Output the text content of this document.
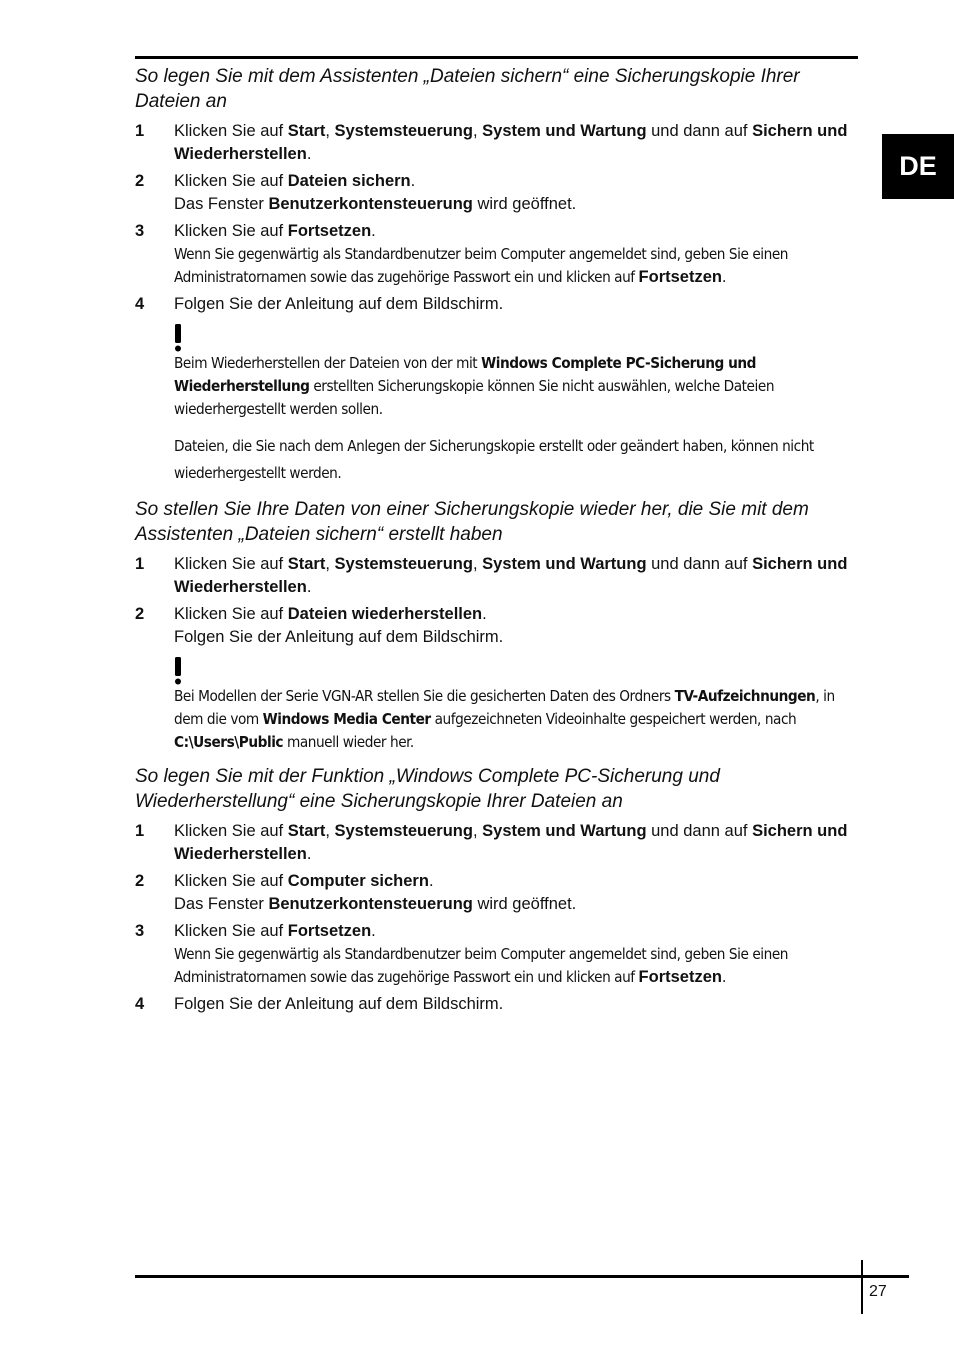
DE
So legen Sie mit dem Assistenten „Dateien sichern“ eine Sicherungskopie Ihrer Dateien an
1	Klicken Sie auf Start, Systemsteuerung, System und Wartung und dann auf Sichern und Wiederherstellen.
2	Klicken Sie auf Dateien sichern.
Das Fenster Benutzerkontensteuerung wird geöffnet.
3	Klicken Sie auf Fortsetzen.
Wenn Sie gegenwärtig als Standardbenutzer beim Computer angemeldet sind, geben Sie einen Administratornamen sowie das zugehörige Passwort ein und klicken auf Fortsetzen.
4	Folgen Sie der Anleitung auf dem Bildschirm.

Beim Wiederherstellen der Dateien von der mit Windows Complete PC-Sicherung und Wiederherstellung erstellten Sicherungskopie können Sie nicht auswählen, welche Dateien wiederhergestellt werden sollen.

Dateien, die Sie nach dem Anlegen der Sicherungskopie erstellt oder geändert haben, können nicht wiederhergestellt werden.

So stellen Sie Ihre Daten von einer Sicherungskopie wieder her, die Sie mit dem Assistenten „Dateien sichern“ erstellt haben
1	Klicken Sie auf Start, Systemsteuerung, System und Wartung und dann auf Sichern und Wiederherstellen.
2	Klicken Sie auf Dateien wiederherstellen.
Folgen Sie der Anleitung auf dem Bildschirm.

Bei Modellen der Serie VGN-AR stellen Sie die gesicherten Daten des Ordners TV-Aufzeichnungen, in dem die vom Windows Media Center aufgezeichneten Videoinhalte gespeichert werden, nach C:\Users\Public manuell wieder her.

So legen Sie mit der Funktion „Windows Complete PC-Sicherung und Wiederherstellung“ eine Sicherungskopie Ihrer Dateien an
1	Klicken Sie auf Start, Systemsteuerung, System und Wartung und dann auf Sichern und Wiederherstellen.
2	Klicken Sie auf Computer sichern.
Das Fenster Benutzerkontensteuerung wird geöffnet.
3	Klicken Sie auf Fortsetzen.
Wenn Sie gegenwärtig als Standardbenutzer beim Computer angemeldet sind, geben Sie einen Administratornamen sowie das zugehörige Passwort ein und klicken auf Fortsetzen.
4	Folgen Sie der Anleitung auf dem Bildschirm.
27
